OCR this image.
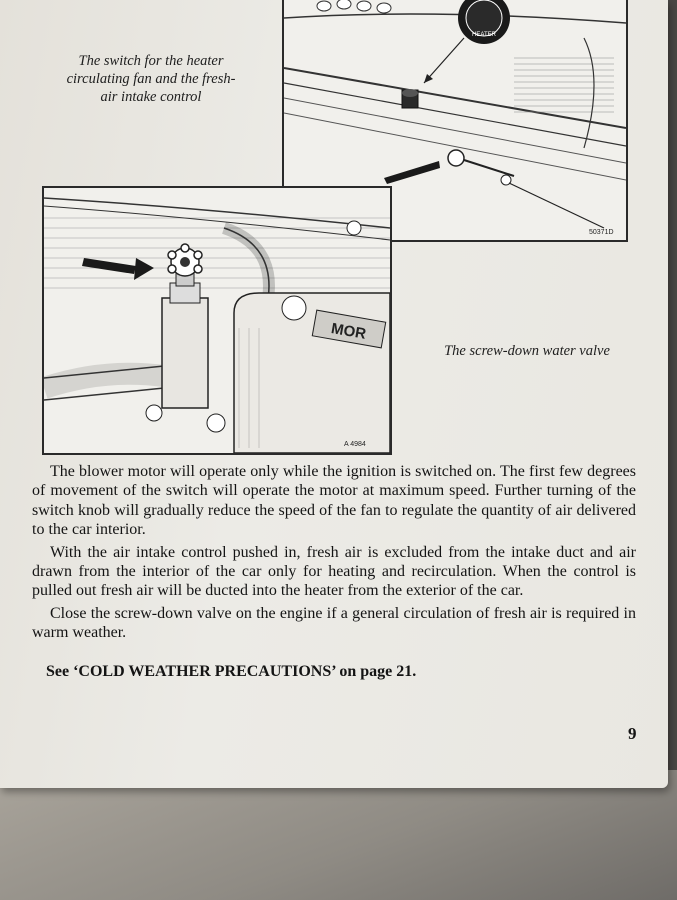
HEATER
50371D
The switch for the heater
circulating fan and the fresh-
air intake control
MOR
A 4984
The screw-down water valve

The blower motor will operate only while the ignition is switched on. The first few degrees of movement of the switch will operate the motor at maximum speed. Further turning of the switch knob will gradually reduce the speed of the fan to regulate the quantity of air delivered to the car interior.

With the air intake control pushed in, fresh air is excluded from the intake duct and air drawn from the interior of the car only for heating and recirculation. When the control is pulled out fresh air will be ducted into the heater from the exterior of the car.

Close the screw-down valve on the engine if a general circulation of fresh air is required in warm weather.

See ‘COLD WEATHER PRECAUTIONS’ on page 21.
9
